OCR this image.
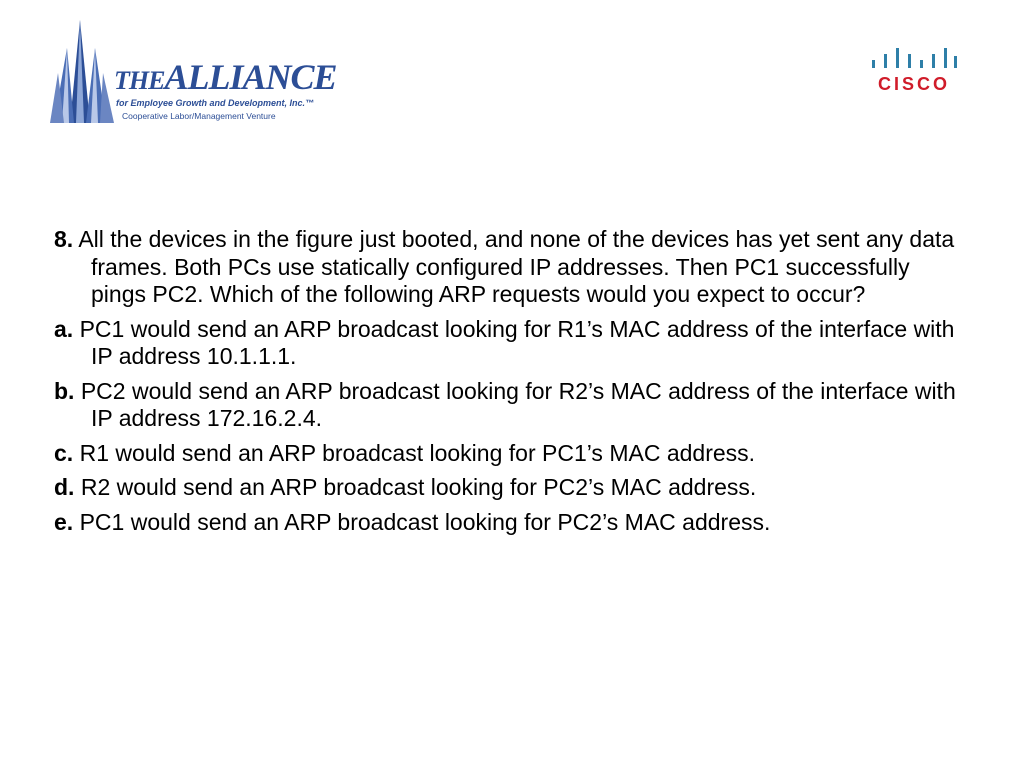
THEALLIANCE
for Employee Growth and Development, Inc.™
Cooperative Labor/Management Venture
CISCO
8. All the devices in the figure just booted, and none of the devices has yet sent any data frames. Both PCs use statically configured IP addresses. Then PC1 successfully pings PC2. Which of the following ARP requests would you expect to occur?
a. PC1 would send an ARP broadcast looking for R1’s MAC address of the interface with IP address 10.1.1.1.
b. PC2 would send an ARP broadcast looking for R2’s MAC address of the interface with IP address 172.16.2.4.
c. R1 would send an ARP broadcast looking for PC1’s MAC address.
d. R2 would send an ARP broadcast looking for PC2’s MAC address.
e. PC1 would send an ARP broadcast looking for PC2’s MAC address.
